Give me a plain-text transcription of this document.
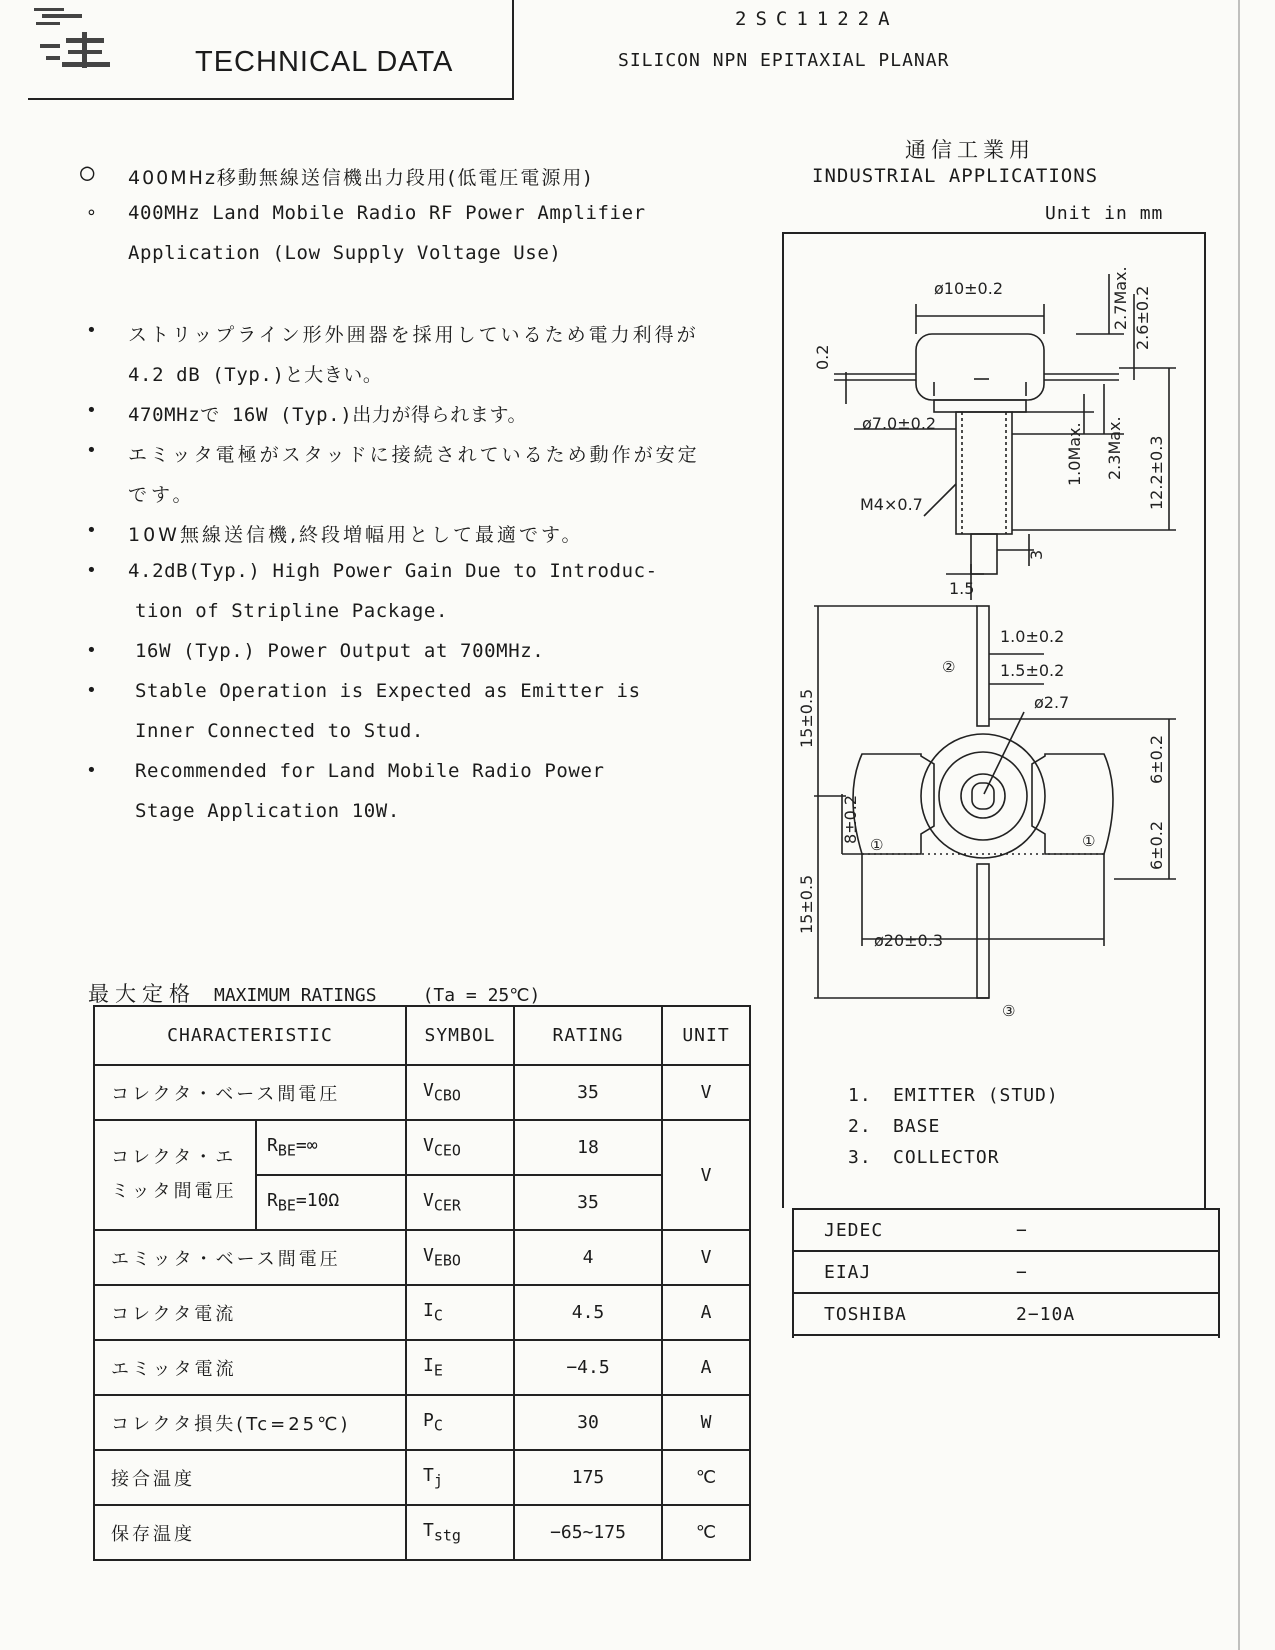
TECHNICAL DATA
2SC1122A
SILICON NPN EPITAXIAL PLANAR
○ 400MHz移動無線送信機出力段用(低電圧電源用)
∘ 400MHz Land Mobile Radio RF Power Amplifier
Application (Low Supply Voltage Use)
• ストリップライン形外囲器を採用しているため電力利得が
4.2 dB (Typ.)と大きい。
• 470MHzで 16W (Typ.)出力が得られます。
• エミッタ電極がスタッドに接続されているため動作が安定
です。
• 10W無線送信機,終段増幅用として最適です。
• 4.2dB(Typ.) High Power Gain Due to Introduc-
tion of Stripline Package.
• 16W (Typ.) Power Output at 700MHz.
• Stable Operation is Expected as Emitter is
Inner Connected to Stud.
• Recommended for Land Mobile Radio Power
Stage Application 10W.
通信工業用
INDUSTRIAL APPLICATIONS
Unit in mm
ø10±0.2
ø7.0±0.2
M4×0.7
1.5
1.0±0.2
1.5±0.2
ø2.7
ø20±0.3
②
①	①
③
2.7Max. 2.6±0.2
0.2
1.0Max. 2.3Max. 12.2±0.3
3
15±0.5
15±0.5
8±0.2
6±0.2
6±0.2
1. EMITTER (STUD)
2. BASE
3. COLLECTOR
JEDEC	−
EIAJ	−
TOSHIBA	2−10A
最大定格 MAXIMUM RATINGS	(Ta = 25℃)
CHARACTERISTIC		SYMBOL	RATING	UNIT
コレクタ・ベース間電圧		$V_{CBO}$	35	V
コレクタ・エ
ミッタ間電圧	$R_{BE}=\infty$	$V_{CEO}$	18	V
	$R_{BE}=10\Omega$	$V_{CER}$	35	
エミッタ・ベース間電圧		$V_{EBO}$	4	V
コレクタ電流		$I_C$	4.5	A
エミッタ電流		$I_E$	−4.5	A
コレクタ損失(Tc=25℃)		$P_C$	30	W
接合温度		$T_j$	175	℃
保存温度		$T_{stg}$	−65~175	℃
